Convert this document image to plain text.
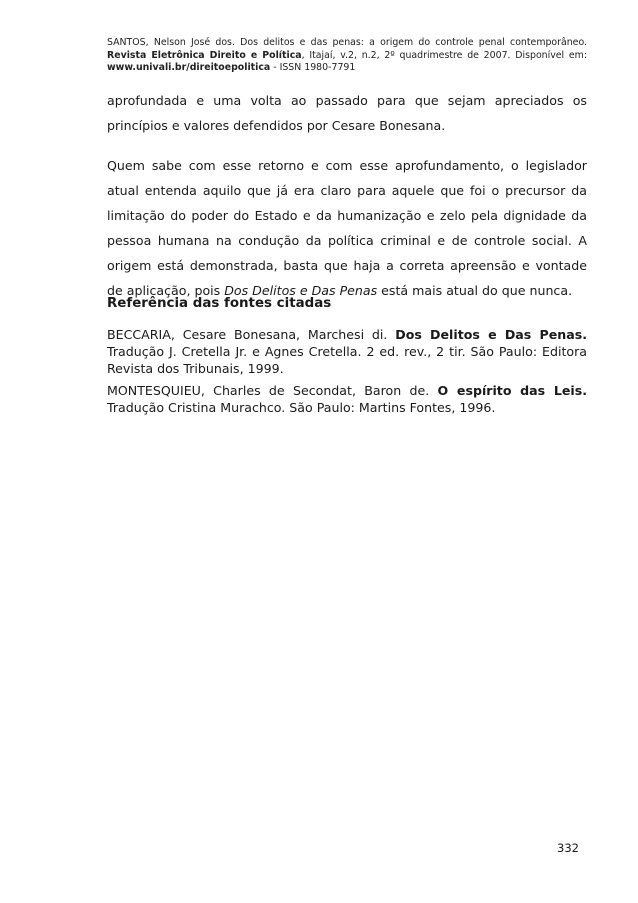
SANTOS, Nelson José dos. Dos delitos e das penas: a origem do controle penal contemporâneo.
Revista Eletrônica Direito e Política, Itajaí, v.2, n.2, 2º quadrimestre de 2007. Disponível em:
www.univali.br/direitoepolitica - ISSN 1980-7791

aprofundada e uma volta ao passado para que sejam apreciados os princípios e valores defendidos por Cesare Bonesana.

Quem sabe com esse retorno e com esse aprofundamento, o legislador atual entenda aquilo que já era claro para aquele que foi o precursor da limitação do poder do Estado e da humanização e zelo pela dignidade da pessoa humana na condução da política criminal e de controle social. A origem está demonstrada, basta que haja a correta apreensão e vontade de aplicação, pois Dos Delitos e Das Penas está mais atual do que nunca.

Referência das fontes citadas

BECCARIA, Cesare Bonesana, Marchesi di. Dos Delitos e Das Penas. Tradução J. Cretella Jr. e Agnes Cretella. 2 ed. rev., 2 tir. São Paulo: Editora Revista dos Tribunais, 1999.

MONTESQUIEU, Charles de Secondat, Baron de. O espírito das Leis. Tradução Cristina Murachco. São Paulo: Martins Fontes, 1996.

332
